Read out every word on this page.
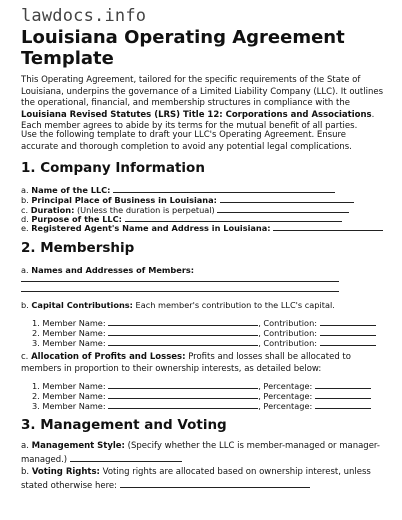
lawdocs.info
Louisiana Operating Agreement Template

This Operating Agreement, tailored for the specific requirements of the State of Louisiana, underpins the governance of a Limited Liability Company (LLC). It outlines the operational, financial, and membership structures in compliance with the Louisiana Revised Statutes (LRS) Title 12: Corporations and Associations. Each member agrees to abide by its terms for the mutual benefit of all parties.

Use the following template to draft your LLC's Operating Agreement. Ensure accurate and thorough completion to avoid any potential legal complications.

1. Company Information
a. Name of the LLC:
b. Principal Place of Business in Louisiana:
c. Duration: (Unless the duration is perpetual)
d. Purpose of the LLC:
e. Registered Agent's Name and Address in Louisiana:
2. Membership
a. Names and Addresses of Members:
b. Capital Contributions: Each member's contribution to the LLC's capital.
1. Member Name:	, Contribution:
2. Member Name:	, Contribution:
3. Member Name:	, Contribution:

c. Allocation of Profits and Losses: Profits and losses shall be allocated to members in proportion to their ownership interests, as detailed below:

1. Member Name:	, Percentage:
2. Member Name:	, Percentage:
3. Member Name:	, Percentage:
3. Management and Voting

a. Management Style: (Specify whether the LLC is member-managed or manager-managed.)

b. Voting Rights: Voting rights are allocated based on ownership interest, unless stated otherwise here:
